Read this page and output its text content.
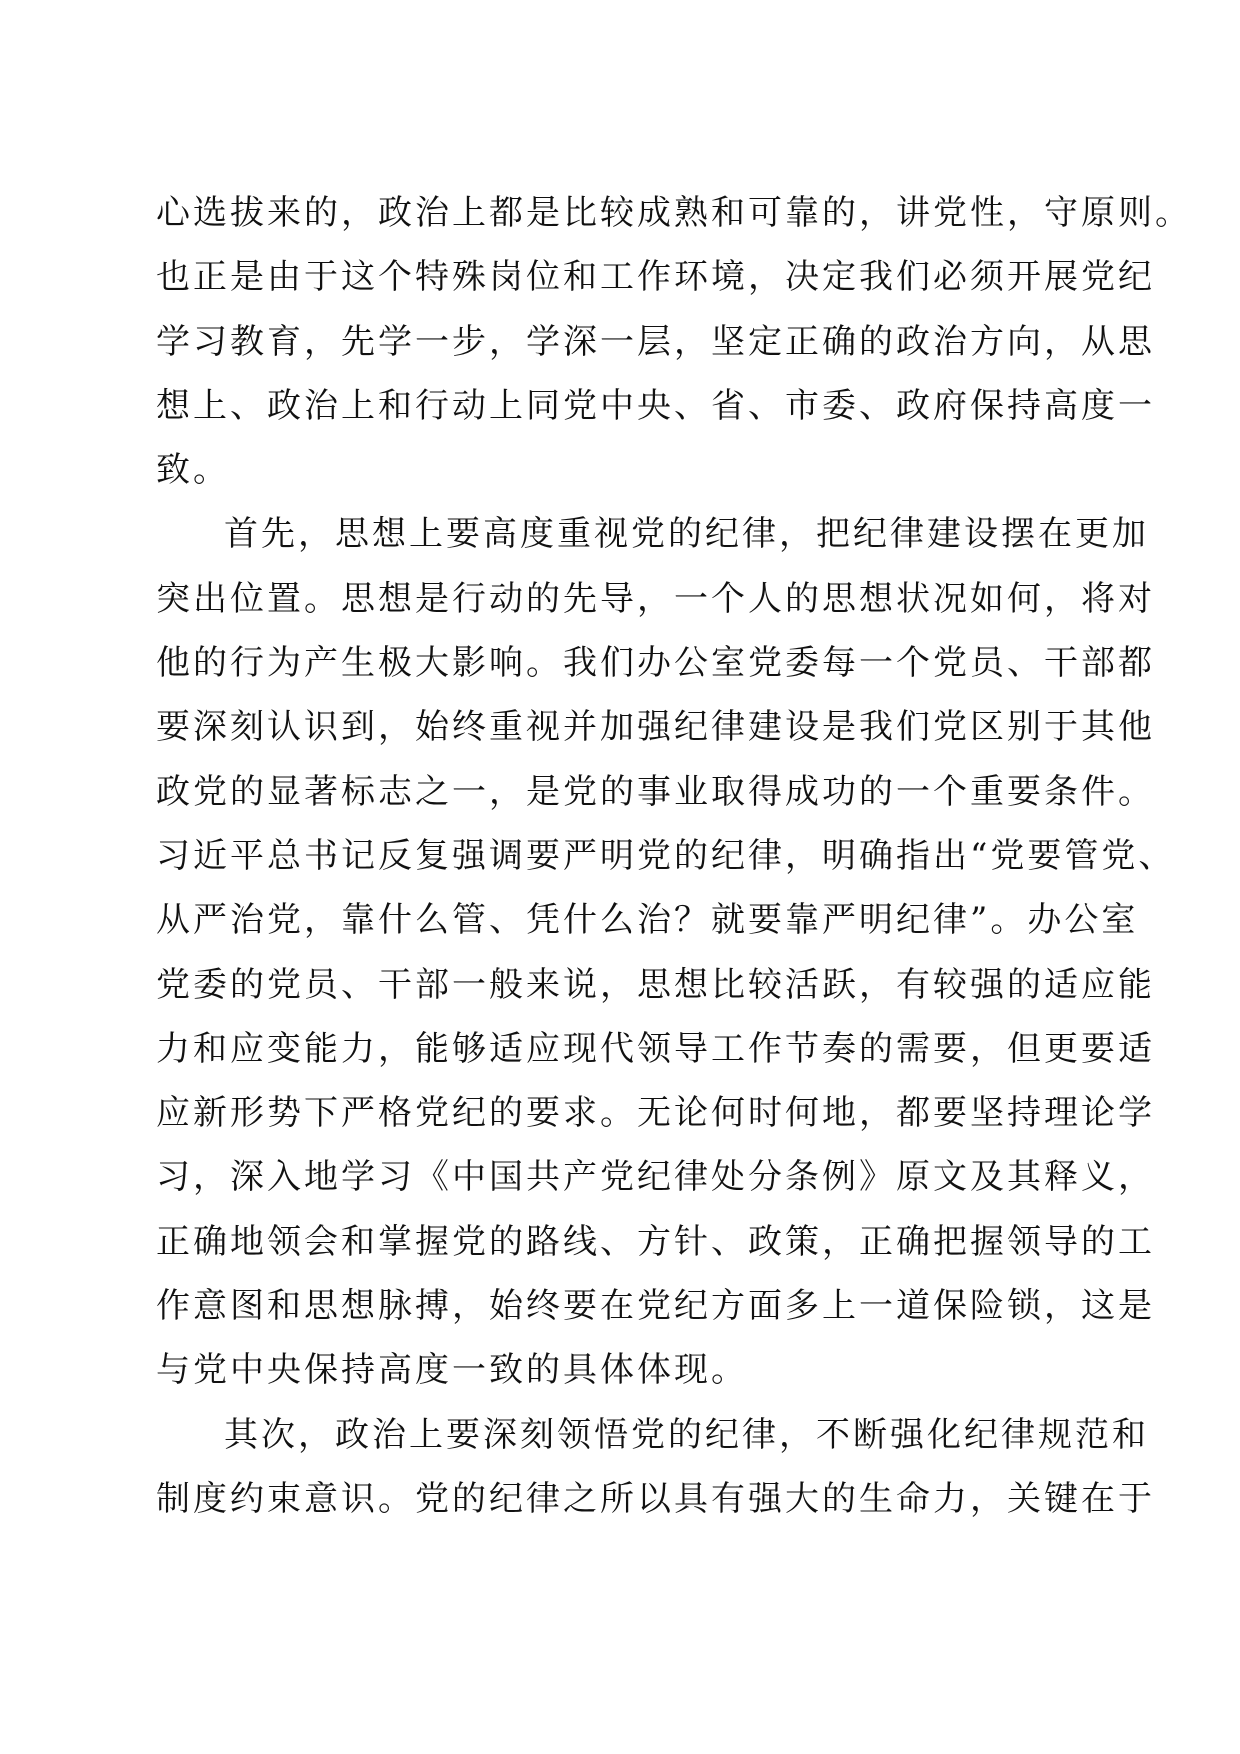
心选拔来的，政治上都是比较成熟和可靠的，讲党性，守原则。
也正是由于这个特殊岗位和工作环境，决定我们必须开展党纪
学习教育，先学一步，学深一层，坚定正确的政治方向，从思
想上、政治上和行动上同党中央、省、市委、政府保持高度一
致。
首先，思想上要高度重视党的纪律，把纪律建设摆在更加
突出位置。思想是行动的先导，一个人的思想状况如何，将对
他的行为产生极大影响。我们办公室党委每一个党员、干部都
要深刻认识到，始终重视并加强纪律建设是我们党区别于其他
政党的显著标志之一，是党的事业取得成功的一个重要条件。
习近平总书记反复强调要严明党的纪律，明确指出“党要管党、
从严治党，靠什么管、凭什么治？就要靠严明纪律”。办公室
党委的党员、干部一般来说，思想比较活跃，有较强的适应能
力和应变能力，能够适应现代领导工作节奏的需要，但更要适
应新形势下严格党纪的要求。无论何时何地，都要坚持理论学
习，深入地学习《中国共产党纪律处分条例》原文及其释义，
正确地领会和掌握党的路线、方针、政策，正确把握领导的工
作意图和思想脉搏，始终要在党纪方面多上一道保险锁，这是
与党中央保持高度一致的具体体现。
其次，政治上要深刻领悟党的纪律，不断强化纪律规范和
制度约束意识。党的纪律之所以具有强大的生命力，关键在于
